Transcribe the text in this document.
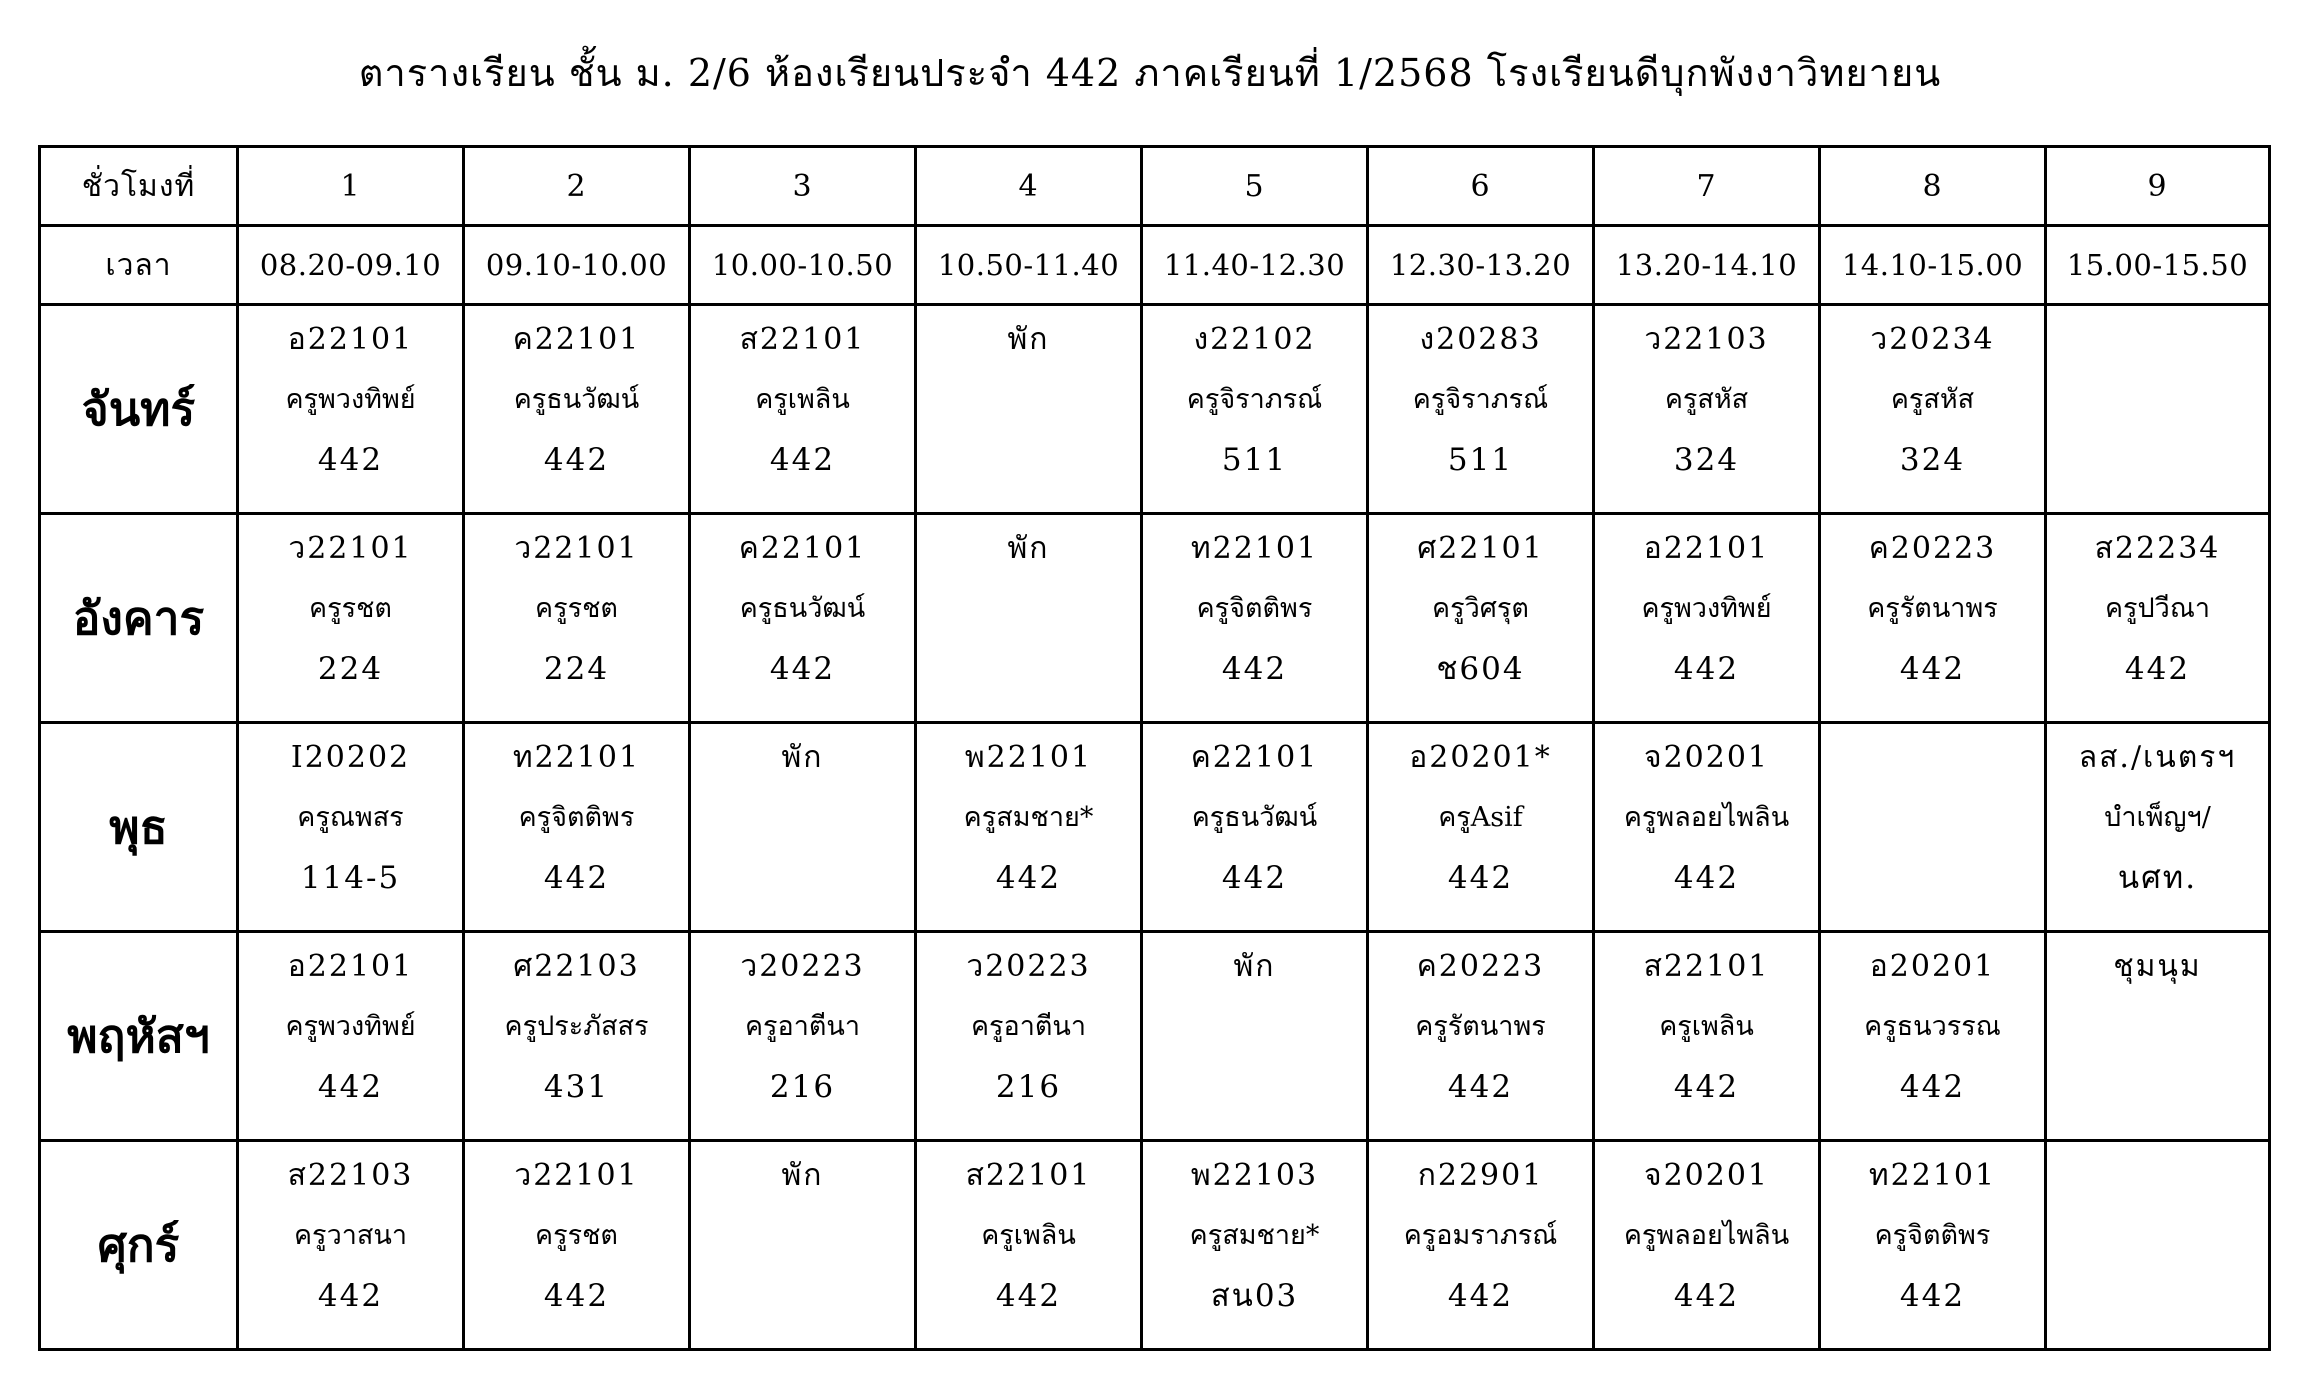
ตารางเรียน ชั้น ม. 2/6 ห้องเรียนประจำ 442 ภาคเรียนที่ 1/2568 โรงเรียนดีบุกพังงาวิทยายน
ชั่วโมงที่	1	2	3	4	5	6	7	8	9
เวลา	08.20-09.10	09.10-10.00	10.00-10.50	10.50-11.40	11.40-12.30	12.30-13.20	13.20-14.10	14.10-15.00	15.00-15.50
จันทร์	อ22101
ครูพวงทิพย์
442	ค22101
ครูธนวัฒน์
442	ส22101
ครูเพลิน
442	พัก	ง22102
ครูจิราภรณ์
511	ง20283
ครูจิราภรณ์
511	ว22103
ครูสหัส
324	ว20234
ครูสหัส
324	

อังคาร	ว22101
ครูรชต
224	ว22101
ครูรชต
224	ค22101
ครูธนวัฒน์
442	พัก	ท22101
ครูจิตติพร
442	ศ22101
ครูวิศรุต
ช604	อ22101
ครูพวงทิพย์
442	ค20223
ครูรัตนาพร
442	ส22234
ครูปวีณา
442

พุธ	I20202
ครูณพสร
114-5	ท22101
ครูจิตติพร
442	พัก	พ22101
ครูสมชาย*
442	ค22101
ครูธนวัฒน์
442	อ20201*
ครูAsif
442	จ20201
ครูพลอยไพลิน
442		ลส./เนตรฯ
บำเพ็ญฯ/
นศท.

พฤหัสฯ	อ22101
ครูพวงทิพย์
442	ศ22103
ครูประภัสสร
431	ว20223
ครูอาตีนา
216	ว20223
ครูอาตีนา
216	พัก	ค20223
ครูรัตนาพร
442	ส22101
ครูเพลิน
442	อ20201
ครูธนวรรณ
442	ชุมนุม

ศุกร์	ส22103
ครูวาสนา
442	ว22101
ครูรชต
442	พัก	ส22101
ครูเพลิน
442	พ22103
ครูสมชาย*
สน03	ก22901
ครูอมราภรณ์
442	จ20201
ครูพลอยไพลิน
442	ท22101
ครูจิตติพร
442	
